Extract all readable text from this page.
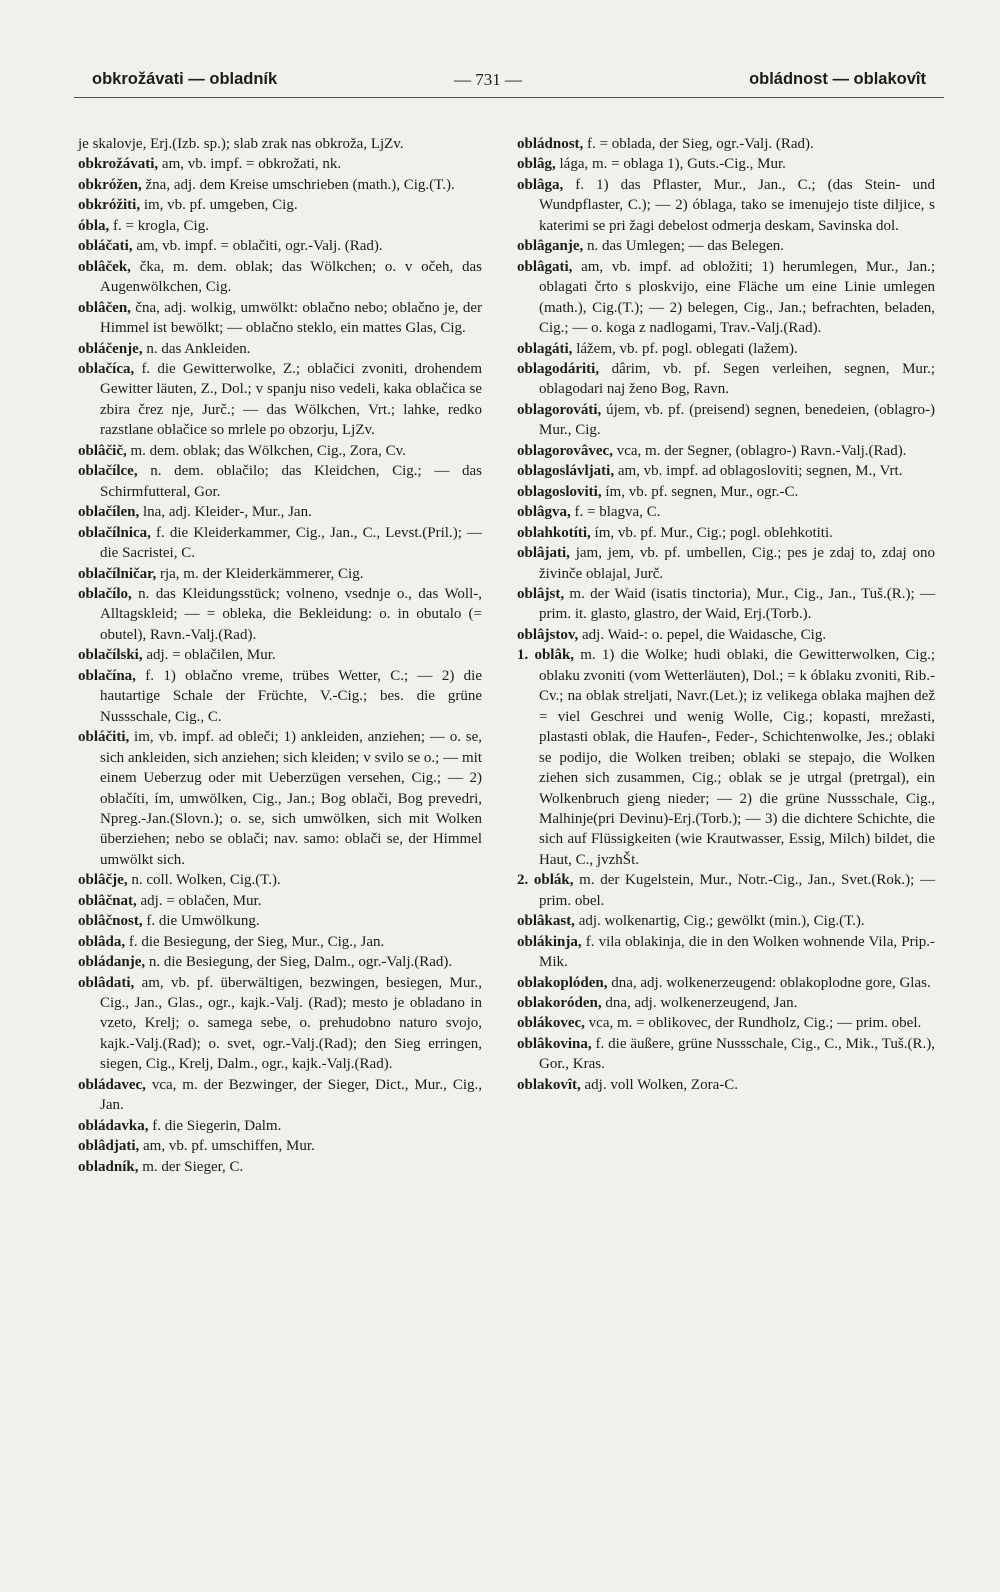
obkrožávati — obladník	— 731 —	obládnost — oblakovît

je skalovje, Erj.(Izb. sp.); slab zrak nas obkroža, LjZv.

obkrožávati, am, vb. impf. = obkrožati, nk.

obkróžen, žna, adj. dem Kreise umschrieben (math.), Cig.(T.).

obkróžiti, im, vb. pf. umgeben, Cig.

óbla, f. = krogla, Cig.

obláčati, am, vb. impf. = oblačiti, ogr.-Valj. (Rad).

oblâček, čka, m. dem. oblak; das Wölkchen; o. v očeh, das Augenwölkchen, Cig.

oblâčen, čna, adj. wolkig, umwölkt: oblačno nebo; oblačno je, der Himmel ist bewölkt; — oblačno steklo, ein mattes Glas, Cig.

obláčenje, n. das Ankleiden.

oblačíca, f. die Gewitterwolke, Z.; oblačici zvoniti, drohendem Gewitter läuten, Z., Dol.; v spanju niso vedeli, kaka oblačica se zbira črez nje, Jurč.; — das Wölkchen, Vrt.; lahke, redko razstlane oblačice so mrlele po obzorju, LjZv.

oblâčič, m. dem. oblak; das Wölkchen, Cig., Zora, Cv.

oblačílce, n. dem. oblačilo; das Kleidchen, Cig.; — das Schirmfutteral, Gor.

oblačílen, lna, adj. Kleider-, Mur., Jan.

oblačílnica, f. die Kleiderkammer, Cig., Jan., C., Levst.(Pril.); — die Sacristei, C.

oblačílničar, rja, m. der Kleiderkämmerer, Cig.

oblačílo, n. das Kleidungsstück; volneno, vsednje o., das Woll-, Alltagskleid; — = obleka, die Bekleidung: o. in obutalo (= obutel), Ravn.-Valj.(Rad).

oblačílski, adj. = oblačilen, Mur.

oblačína, f. 1) oblačno vreme, trübes Wetter, C.; — 2) die hautartige Schale der Früchte, V.-Cig.; bes. die grüne Nussschale, Cig., C.

obláčiti, im, vb. impf. ad obleči; 1) ankleiden, anziehen; — o. se, sich ankleiden, sich anziehen; sich kleiden; v svilo se o.; — mit einem Ueberzug oder mit Ueberzügen versehen, Cig.; — 2) oblačíti, ím, umwölken, Cig., Jan.; Bog oblači, Bog prevedri, Npreg.-Jan.(Slovn.); o. se, sich umwölken, sich mit Wolken überziehen; nebo se oblači; nav. samo: oblači se, der Himmel umwölkt sich.

oblâčje, n. coll. Wolken, Cig.(T.).

oblâčnat, adj. = oblačen, Mur.

oblâčnost, f. die Umwölkung.

oblâda, f. die Besiegung, der Sieg, Mur., Cig., Jan.

obládanje, n. die Besiegung, der Sieg, Dalm., ogr.-Valj.(Rad).

oblâdati, am, vb. pf. überwältigen, bezwingen, besiegen, Mur., Cig., Jan., Glas., ogr., kajk.-Valj. (Rad); mesto je obladano in vzeto, Krelj; o. samega sebe, o. prehudobno naturo svojo, kajk.-Valj.(Rad); o. svet, ogr.-Valj.(Rad); den Sieg erringen, siegen, Cig., Krelj, Dalm., ogr., kajk.-Valj.(Rad).

obládavec, vca, m. der Bezwinger, der Sieger, Dict., Mur., Cig., Jan.

obládavka, f. die Siegerin, Dalm.

oblâdjati, am, vb. pf. umschiffen, Mur.

obladník, m. der Sieger, C.

obládnost, f. = oblada, der Sieg, ogr.-Valj. (Rad).

oblâg, lága, m. = oblaga 1), Guts.-Cig., Mur.

oblâga, f. 1) das Pflaster, Mur., Jan., C.; (das Stein- und Wundpflaster, C.); — 2) óblaga, tako se imenujejo tiste diljice, s katerimi se pri žagi debelost odmerja deskam, Savinska dol.

oblâganje, n. das Umlegen; — das Belegen.

oblâgati, am, vb. impf. ad obložiti; 1) herumlegen, Mur., Jan.; oblagati črto s ploskvijo, eine Fläche um eine Linie umlegen (math.), Cig.(T.); — 2) belegen, Cig., Jan.; befrachten, beladen, Cig.; — o. koga z nadlogami, Trav.-Valj.(Rad).

oblagáti, lážem, vb. pf. pogl. oblegati (lažem).

oblagodáriti, dârim, vb. pf. Segen verleihen, segnen, Mur.; oblagodari naj ženo Bog, Ravn.

oblagorováti, újem, vb. pf. (preisend) segnen, benedeien, (oblagro-) Mur., Cig.

oblagorovâvec, vca, m. der Segner, (oblagro-) Ravn.-Valj.(Rad).

oblagoslávljati, am, vb. impf. ad oblagosloviti; segnen, M., Vrt.

oblagosloviti, ím, vb. pf. segnen, Mur., ogr.-C.

oblâgva, f. = blagva, C.

oblahkotíti, ím, vb. pf. Mur., Cig.; pogl. oblehkotiti.

oblâjati, jam, jem, vb. pf. umbellen, Cig.; pes je zdaj to, zdaj ono živinče oblajal, Jurč.

oblâjst, m. der Waid (isatis tinctoria), Mur., Cig., Jan., Tuš.(R.); — prim. it. glasto, glastro, der Waid, Erj.(Torb.).

oblâjstov, adj. Waid-: o. pepel, die Waidasche, Cig.

1. oblâk, m. 1) die Wolke; hudi oblaki, die Gewitterwolken, Cig.; oblaku zvoniti (vom Wetterläuten), Dol.; = k óblaku zvoniti, Rib.-Cv.; na oblak streljati, Navr.(Let.); iz velikega oblaka majhen dež = viel Geschrei und wenig Wolle, Cig.; kopasti, mrežasti, plastasti oblak, die Haufen-, Feder-, Schichtenwolke, Jes.; oblaki se podijo, die Wolken treiben; oblaki se stepajo, die Wolken ziehen sich zusammen, Cig.; oblak se je utrgal (pretrgal), ein Wolkenbruch gieng nieder; — 2) die grüne Nussschale, Cig., Malhinje(pri Devinu)-Erj.(Torb.); — 3) die dichtere Schichte, die sich auf Flüssigkeiten (wie Krautwasser, Essig, Milch) bildet, die Haut, C., jvzhŠt.

2. oblák, m. der Kugelstein, Mur., Notr.-Cig., Jan., Svet.(Rok.); — prim. obel.

oblâkast, adj. wolkenartig, Cig.; gewölkt (min.), Cig.(T.).

oblákinja, f. vila oblakinja, die in den Wolken wohnende Vila, Prip.-Mik.

oblakoplóden, dna, adj. wolkenerzeugend: oblakoplodne gore, Glas.

oblakoróden, dna, adj. wolkenerzeugend, Jan.

oblákovec, vca, m. = oblikovec, der Rundholz, Cig.; — prim. obel.

oblâkovina, f. die äußere, grüne Nussschale, Cig., C., Mik., Tuš.(R.), Gor., Kras.

oblakovît, adj. voll Wolken, Zora-C.
